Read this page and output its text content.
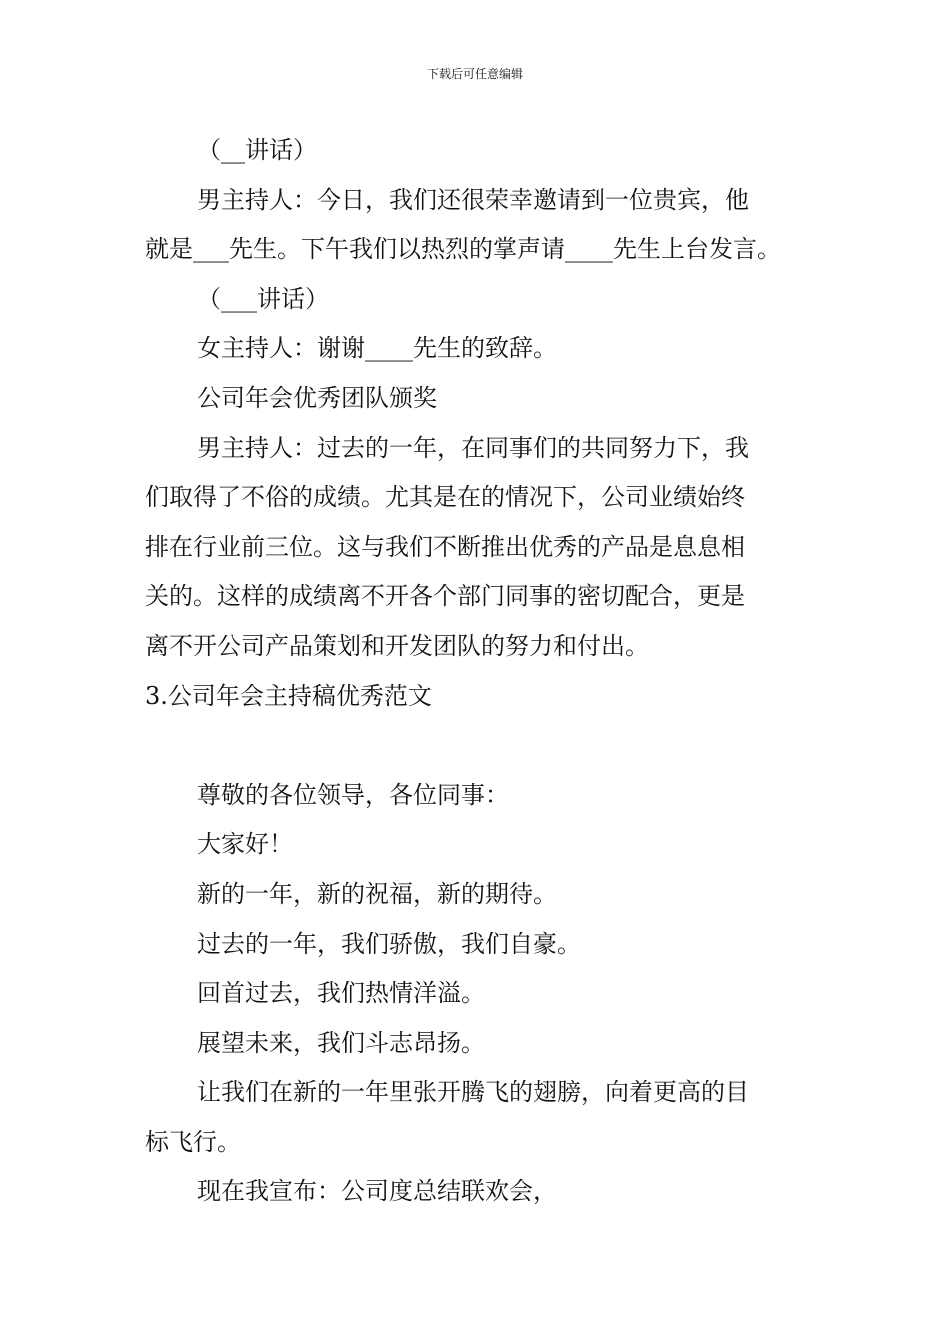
下载后可任意编辑

（__讲话）

男主持人：今日，我们还很荣幸邀请到一位贵宾，他

就是___先生。下午我们以热烈的掌声请____先生上台发言。

（___讲话）

女主持人：谢谢____先生的致辞。

公司年会优秀团队颁奖

男主持人：过去的一年，在同事们的共同努力下，我

们取得了不俗的成绩。尤其是在的情况下，公司业绩始终

排在行业前三位。这与我们不断推出优秀的产品是息息相

关的。这样的成绩离不开各个部门同事的密切配合，更是

离不开公司产品策划和开发团队的努力和付出。

3.公司年会主持稿优秀范文

尊敬的各位领导，各位同事：

大家好！

新的一年，新的祝福，新的期待。

过去的一年，我们骄傲，我们自豪。

回首过去，我们热情洋溢。

展望未来，我们斗志昂扬。

让我们在新的一年里张开腾飞的翅膀，向着更高的目

标飞行。

现在我宣布：公司度总结联欢会，
